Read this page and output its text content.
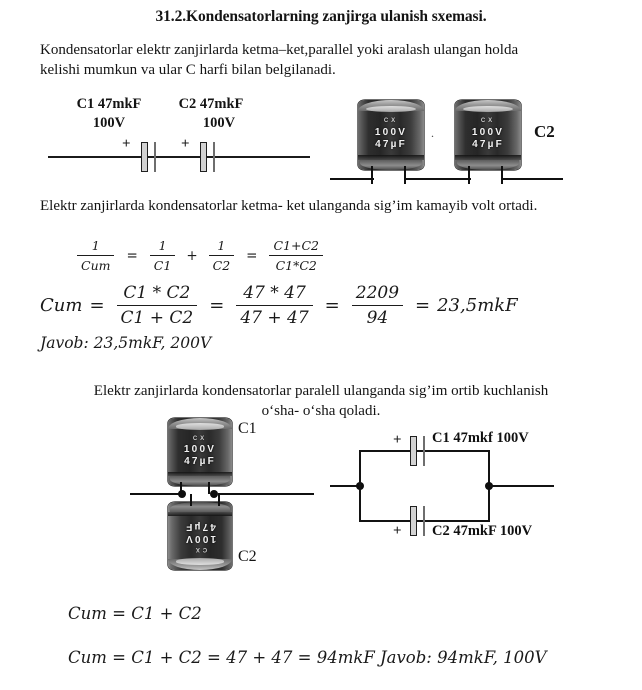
31.2.Kondensatorlarning zanjirga ulanish sxemasi.
Kondensatorlar elektr zanjirlarda ketma–ket,parallel yoki aralash ulangan holda
kelishi mumkun va ular C harfi bilan belgilanadi.
C1 47mkF
100V
C2 47mkF
100V
+	+
CX
100V
47µF
CX
100V
47µF
.	C2
Elektr zanjirlarda kondensatorlar ketma- ket ulanganda sig’im kamayib volt ortadi.
$\frac{1}{\text{Cum}} = \frac{1}{C1} + \frac{1}{C2} = \frac{C1+C2}{C1*C2}$
Cum = $\frac{C1 * C2}{C1 + C2} = \frac{47 * 47}{47 + 47} = \frac{2209}{94} = 23,5mkF$
Javob: 23,5mkF, 200V
Elektr zanjirlarda kondensatorlar paralell ulanganda sig’im ortib kuchlanish
o‘sha- o‘sha qoladi.
CX
100V
47µF
C1
CX
100V
47µF
C2
+ C1 47mkf 100V
+ C2 47mkF 100V
Cum = C1 + C2
Cum = C1 + C2 = 47 + 47 = 94mkF Javob: 94mkF, 100V
